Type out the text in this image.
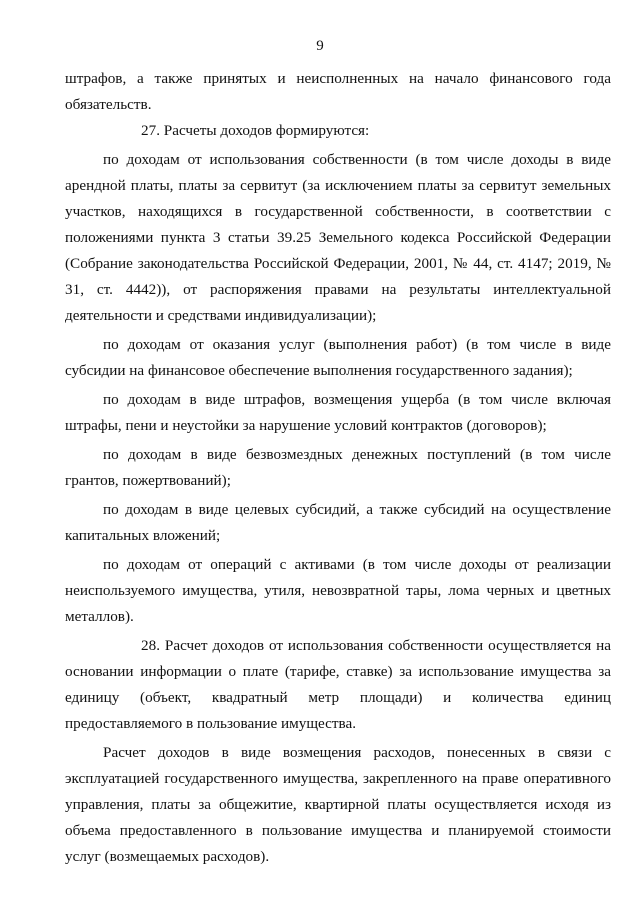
9

штрафов, а также принятых и неисполненных на начало финансового года обязательств.

27. Расчеты доходов формируются:

по доходам от использования собственности (в том числе доходы в виде арендной платы, платы за сервитут (за исключением платы за сервитут земельных участков, находящихся в государственной собственности, в соответствии с положениями пункта 3 статьи 39.25 Земельного кодекса Российской Федерации (Собрание законодательства Российской Федерации, 2001, № 44, ст. 4147; 2019, № 31, ст. 4442)), от распоряжения правами на результаты интеллектуальной деятельности и средствами индивидуализации);

по доходам от оказания услуг (выполнения работ) (в том числе в виде субсидии на финансовое обеспечение выполнения государственного задания);

по доходам в виде штрафов, возмещения ущерба (в том числе включая штрафы, пени и неустойки за нарушение условий контрактов (договоров);

по доходам в виде безвозмездных денежных поступлений (в том числе грантов, пожертвований);

по доходам в виде целевых субсидий, а также субсидий на осуществление капитальных вложений;

по доходам от операций с активами (в том числе доходы от реализации неиспользуемого имущества, утиля, невозвратной тары, лома черных и цветных металлов).

28. Расчет доходов от использования собственности осуществляется на основании информации о плате (тарифе, ставке) за использование имущества за единицу (объект, квадратный метр площади) и количества единиц предоставляемого в пользование имущества.

Расчет доходов в виде возмещения расходов, понесенных в связи с эксплуатацией государственного имущества, закрепленного на праве оперативного управления, платы за общежитие, квартирной платы осуществляется исходя из объема предоставленного в пользование имущества и планируемой стоимости услуг (возмещаемых расходов).
